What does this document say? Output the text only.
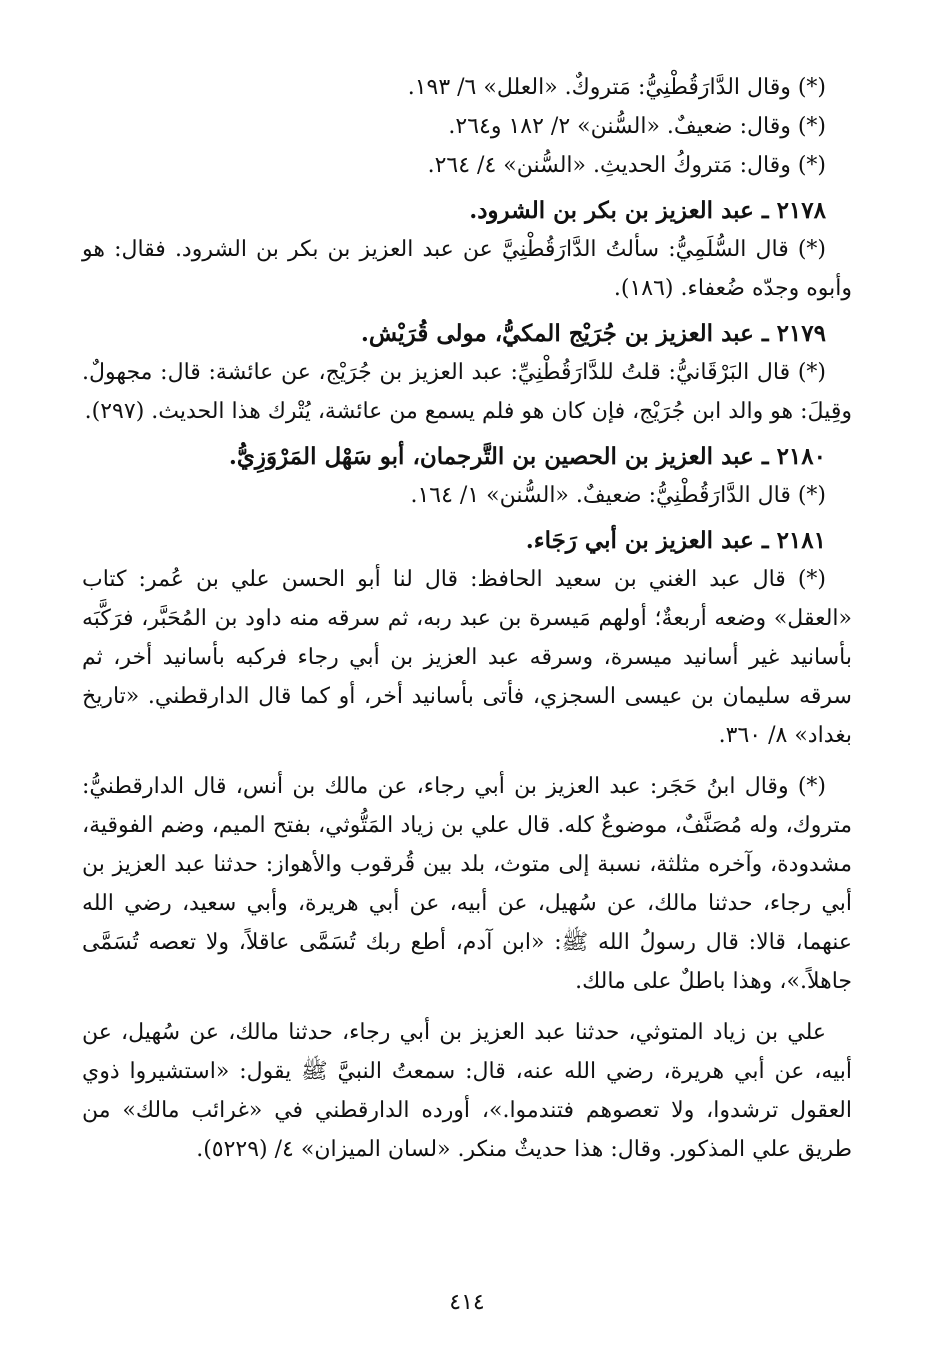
(*) وقال الدَّارَقُطْنِيُّ: مَتروكٌ. «العلل» ٦/ ١٩٣.

(*) وقال: ضعيفٌ. «السُّنن» ٢/ ١٨٢ و٢٦٤.

(*) وقال: مَتروكُ الحديثِ. «السُّنن» ٤/ ٢٦٤.

٢١٧٨ ـ عبد العزيز بن بكر بن الشرود.

(*) قال السُّلَمِيُّ: سألتُ الدَّارَقُطْنِيَّ عن عبد العزيز بن بكر بن الشرود. فقال: هو وأبوه وجدّه ضُعفاء. (١٨٦).

٢١٧٩ ـ عبد العزيز بن جُرَيْج المكيُّ، مولى قُرَيْش.

(*) قال البَرْقَانيُّ: قلتُ للدَّارَقُطْنِيِّ: عبد العزيز بن جُرَيْج، عن عائشة: قال: مجهولٌ. وقِيلَ: هو والد ابن جُرَيْج، فإن كان هو فلم يسمع من عائشة، يُتْرك هذا الحديث. (٢٩٧).

٢١٨٠ ـ عبد العزيز بن الحصين بن التَّرجمان، أبو سَهْل المَرْوَزِيُّ.

(*) قال الدَّارَقُطْنِيُّ: ضعيفٌ. «السُّنن» ١/ ١٦٤.

٢١٨١ ـ عبد العزيز بن أبي رَجَاء.

(*) قال عبد الغني بن سعيد الحافظ: قال لنا أبو الحسن علي بن عُمر: كتاب «العقل» وضعه أربعةٌ؛ أولهم مَيسرة بن عبد ربه، ثم سرقه منه داود بن المُحَبَّر، فرَكَّبَه بأسانيد غير أسانيد ميسرة، وسرقه عبد العزيز بن أبي رجاء فركبه بأسانيد أخر، ثم سرقه سليمان بن عيسى السجزي، فأتى بأسانيد أخر، أو كما قال الدارقطني. «تاريخ بغداد» ٨/ ٣٦٠.

(*) وقال ابنُ حَجَر: عبد العزيز بن أبي رجاء، عن مالك بن أنس، قال الدارقطنيُّ: متروك، وله مُصَنَّفٌ، موضوعٌ كله. قال علي بن زياد المَتُّوثي، بفتح الميم، وضم الفوقية، مشدودة، وآخره مثلثة، نسبة إلى متوث، بلد بين قُرقوب والأهواز: حدثنا عبد العزيز بن أبي رجاء، حدثنا مالك، عن سُهيل، عن أبيه، عن أبي هريرة، وأبي سعيد، رضي الله عنهما، قالا: قال رسولُ الله ﷺ: «ابن آدم، أطع ربك تُسَمَّى عاقلاً، ولا تعصه تُسَمَّى جاهلاً.»، وهذا باطلٌ على مالك.

علي بن زياد المتوثي، حدثنا عبد العزيز بن أبي رجاء، حدثنا مالك، عن سُهيل، عن أبيه، عن أبي هريرة، رضي الله عنه، قال: سمعتُ النبيَّ ﷺ يقول: «استشيروا ذوي العقول ترشدوا، ولا تعصوهم فتندموا.»، أورده الدارقطني في «غرائب مالك» من طريق علي المذكور. وقال: هذا حديثٌ منكر. «لسان الميزان» ٤/ (٥٢٢٩).

٤١٤
